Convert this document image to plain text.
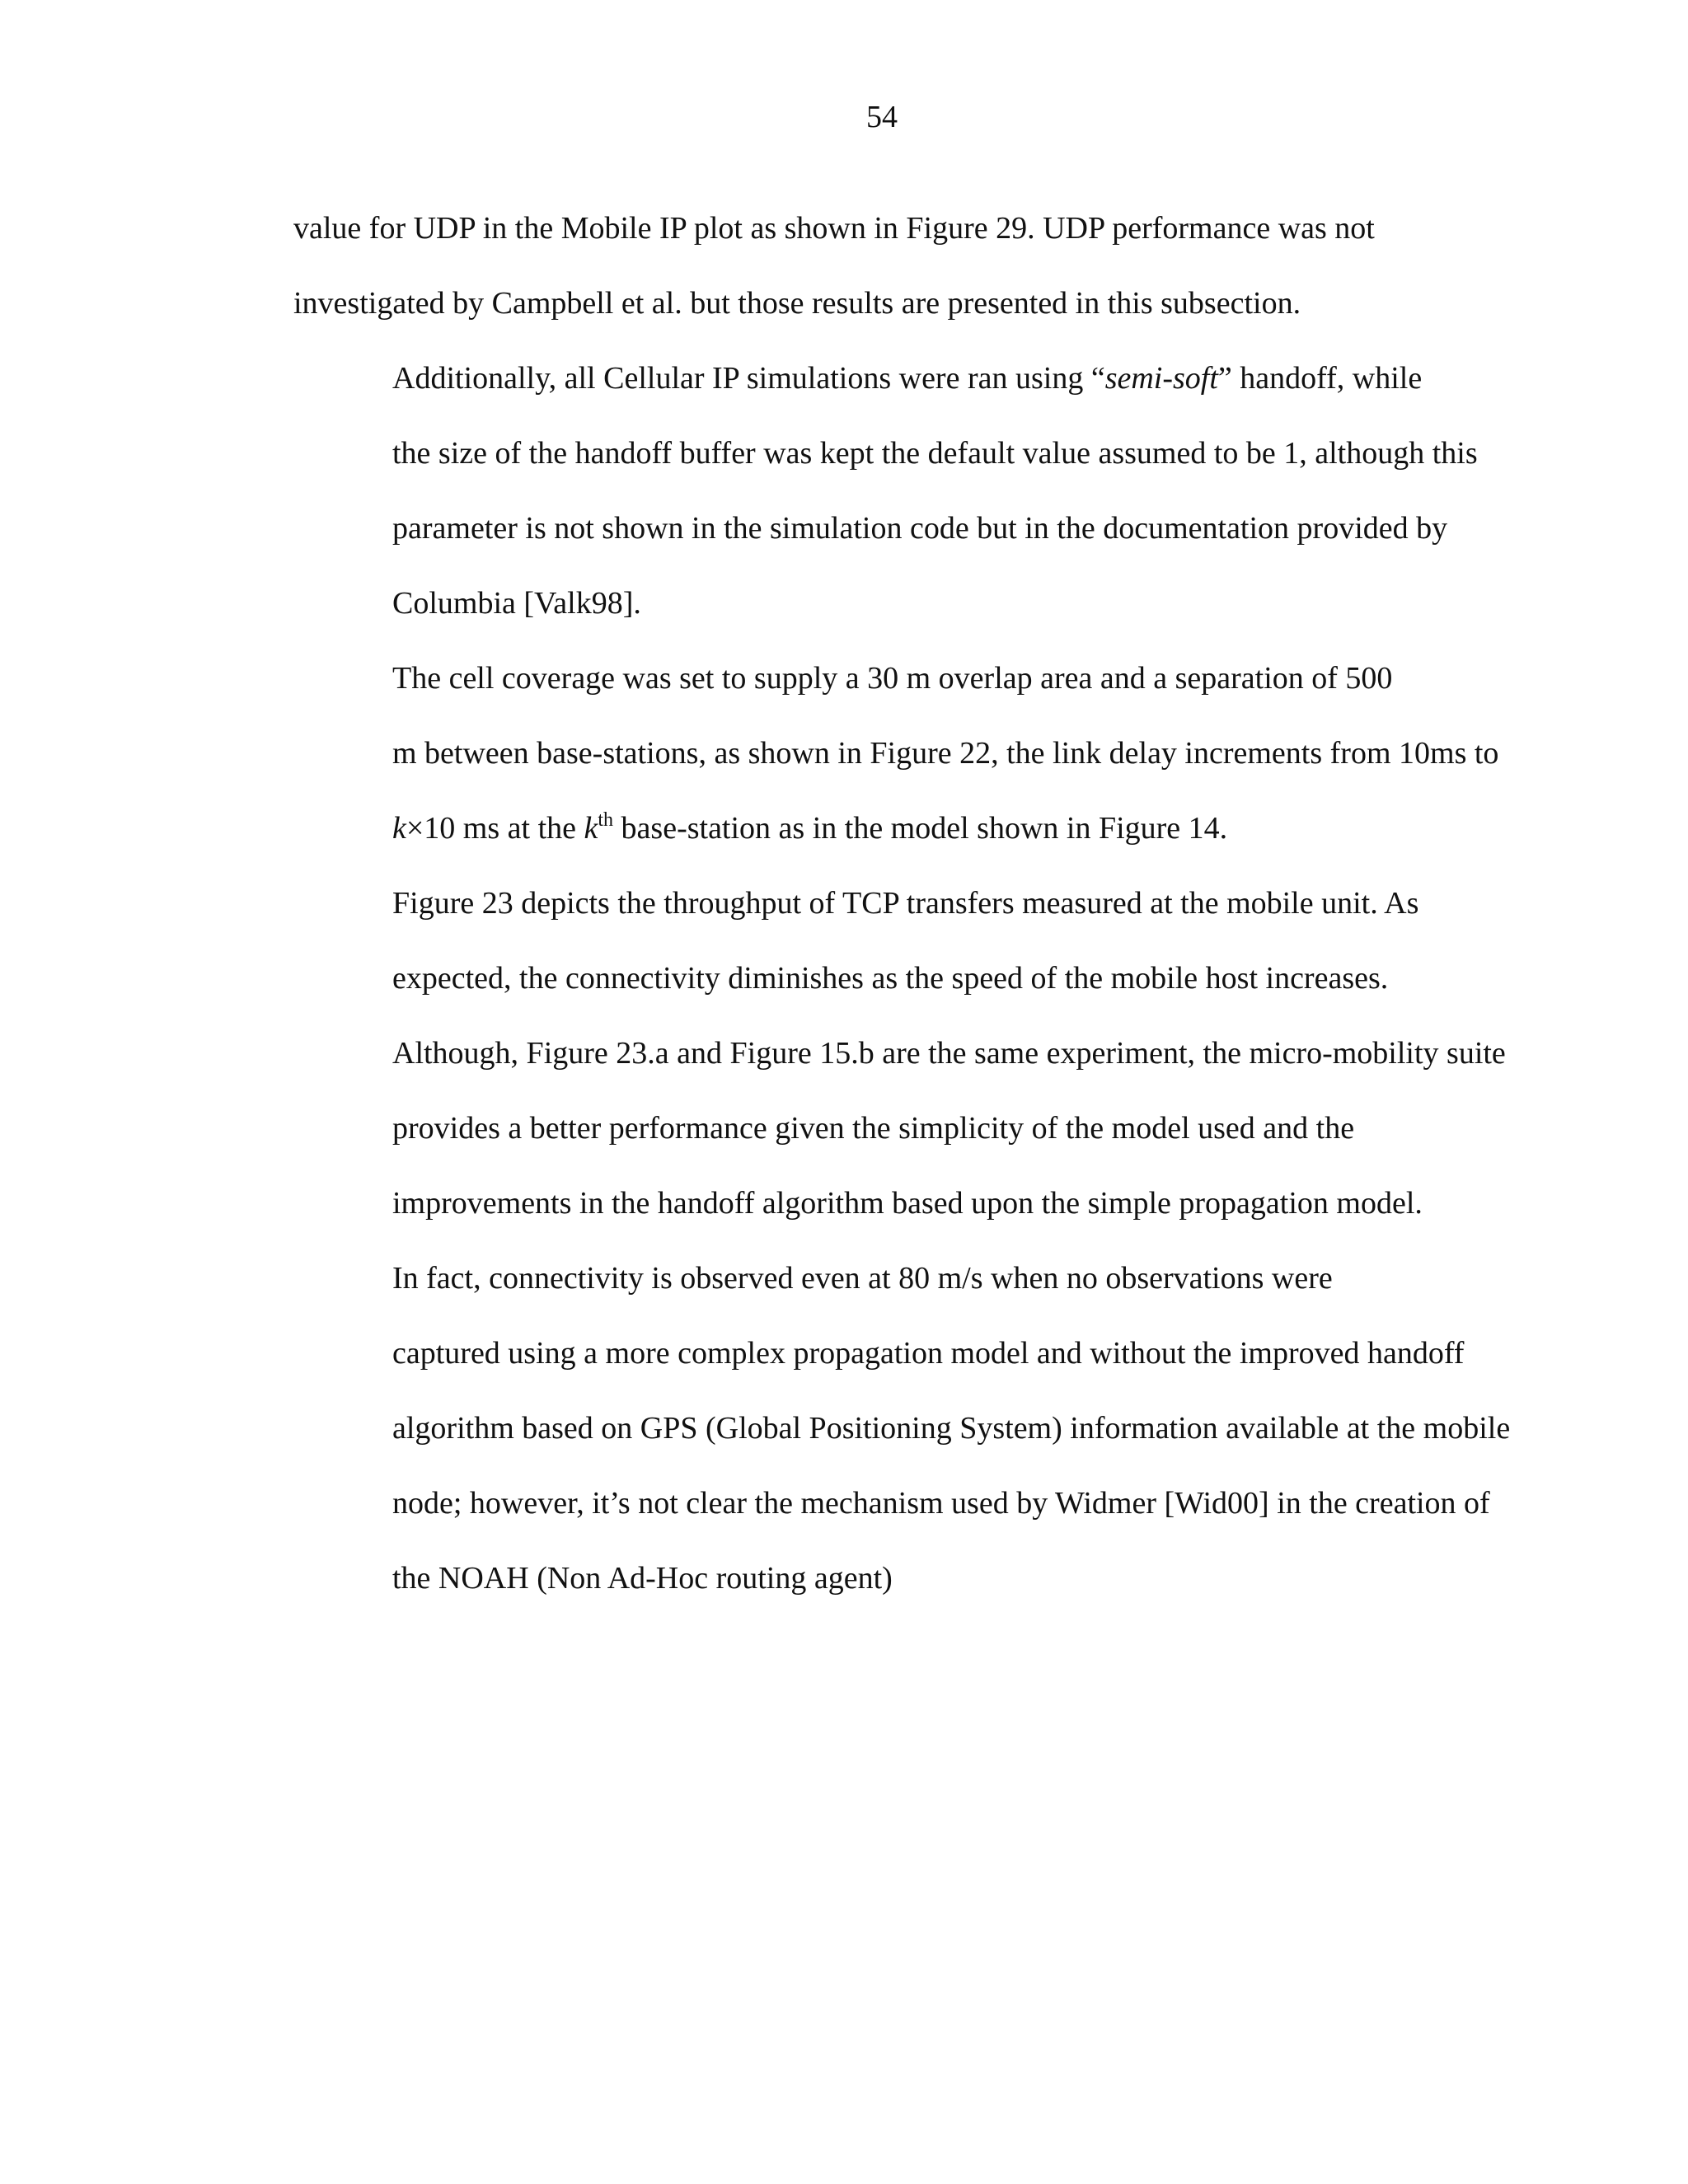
54

value for UDP in the Mobile IP plot as shown in Figure 29. UDP performance was not
investigated by Campbell et al. but those results are presented in this subsection.

Additionally, all Cellular IP simulations were ran using “semi-soft” handoff, while
the size of the handoff buffer was kept the default value assumed to be 1, although this
parameter is not shown in the simulation code but in the documentation provided by
Columbia [Valk98].

The cell coverage was set to supply a 30 m overlap area and a separation of 500
m between base-stations, as shown in Figure 22, the link delay increments from 10ms to
k×10 ms at the $k^{th}$ base-station as in the model shown in Figure 14.

Figure 23 depicts the throughput of TCP transfers measured at the mobile unit. As
expected, the connectivity diminishes as the speed of the mobile host increases.
Although, Figure 23.a and Figure 15.b are the same experiment, the micro-mobility suite
provides a better performance given the simplicity of the model used and the
improvements in the handoff algorithm based upon the simple propagation model.

In fact, connectivity is observed even at 80 m/s when no observations were
captured using a more complex propagation model and without the improved handoff
algorithm based on GPS (Global Positioning System) information available at the mobile
node; however, it’s not clear the mechanism used by Widmer [Wid00] in the creation of
the NOAH (Non Ad-Hoc routing agent)
